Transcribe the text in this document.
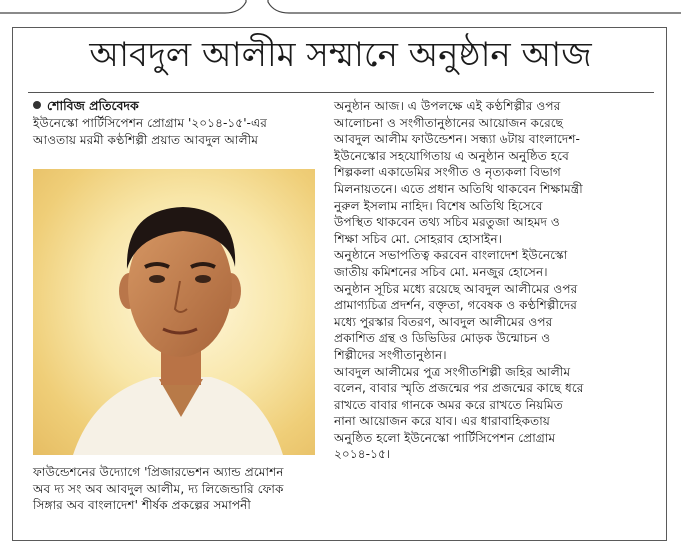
আবদুল আলীম সম্মানে অনুষ্ঠান আজ
শোবিজ প্রতিবেদক
ইউনেস্কো পার্টিসিপেশন প্রোগ্রাম '২০১৪-১৫'-এর
আওতায় মরমী কণ্ঠশিল্পী প্রয়াত আবদুল আলীম
ফাউন্ডেশনের উদ্যোগে 'প্রিজারভেশন অ্যান্ড প্রমোশন
অব দ্য সং অব আবদুল আলীম, দ্য লিজেন্ডারি ফোক
সিঙ্গার অব বাংলাদেশ' শীর্ষক প্রকল্পের সমাপনী
অনুষ্ঠান আজ। এ উপলক্ষে এই কণ্ঠশিল্পীর ওপর
আলোচনা ও সংগীতানুষ্ঠানের আয়োজন করেছে
আবদুল আলীম ফাউন্ডেশন। সন্ধ্যা ৬টায় বাংলাদেশ-
ইউনেস্কোর সহযোগিতায় এ অনুষ্ঠান অনুষ্ঠিত হবে
শিল্পকলা একাডেমির সংগীত ও নৃত্যকলা বিভাগ
মিলনায়তনে। এতে প্রধান অতিথি থাকবেন শিক্ষামন্ত্রী
নুরুল ইসলাম নাহিদ। বিশেষ অতিথি হিসেবে
উপস্থিত থাকবেন তথ্য সচিব মরতুজা আহমদ ও
শিক্ষা সচিব মো. সোহরাব হোসাইন।
অনুষ্ঠানে সভাপতিত্ব করবেন বাংলাদেশ ইউনেস্কো
জাতীয় কমিশনের সচিব মো. মনজুর হোসেন।
অনুষ্ঠান সূচির মধ্যে রয়েছে আবদুল আলীমের ওপর
প্রামাণ্যচিত্র প্রদর্শন, বক্তৃতা, গবেষক ও কণ্ঠশিল্পীদের
মধ্যে পুরস্কার বিতরণ, আবদুল আলীমের ওপর
প্রকাশিত গ্রন্থ ও ডিভিডির মোড়ক উন্মোচন ও
শিল্পীদের সংগীতানুষ্ঠান।
আবদুল আলীমের পুত্র সংগীতশিল্পী জহির আলীম
বলেন, বাবার স্মৃতি প্রজন্মের পর প্রজন্মের কাছে ধরে
রাখতে বাবার গানকে অমর করে রাখতে নিয়মিত
নানা আয়োজন করে যাব। এর ধারাবাহিকতায়
অনুষ্ঠিত হলো ইউনেস্কো পার্টিসিপেশন প্রোগ্রাম
২০১৪-১৫।
